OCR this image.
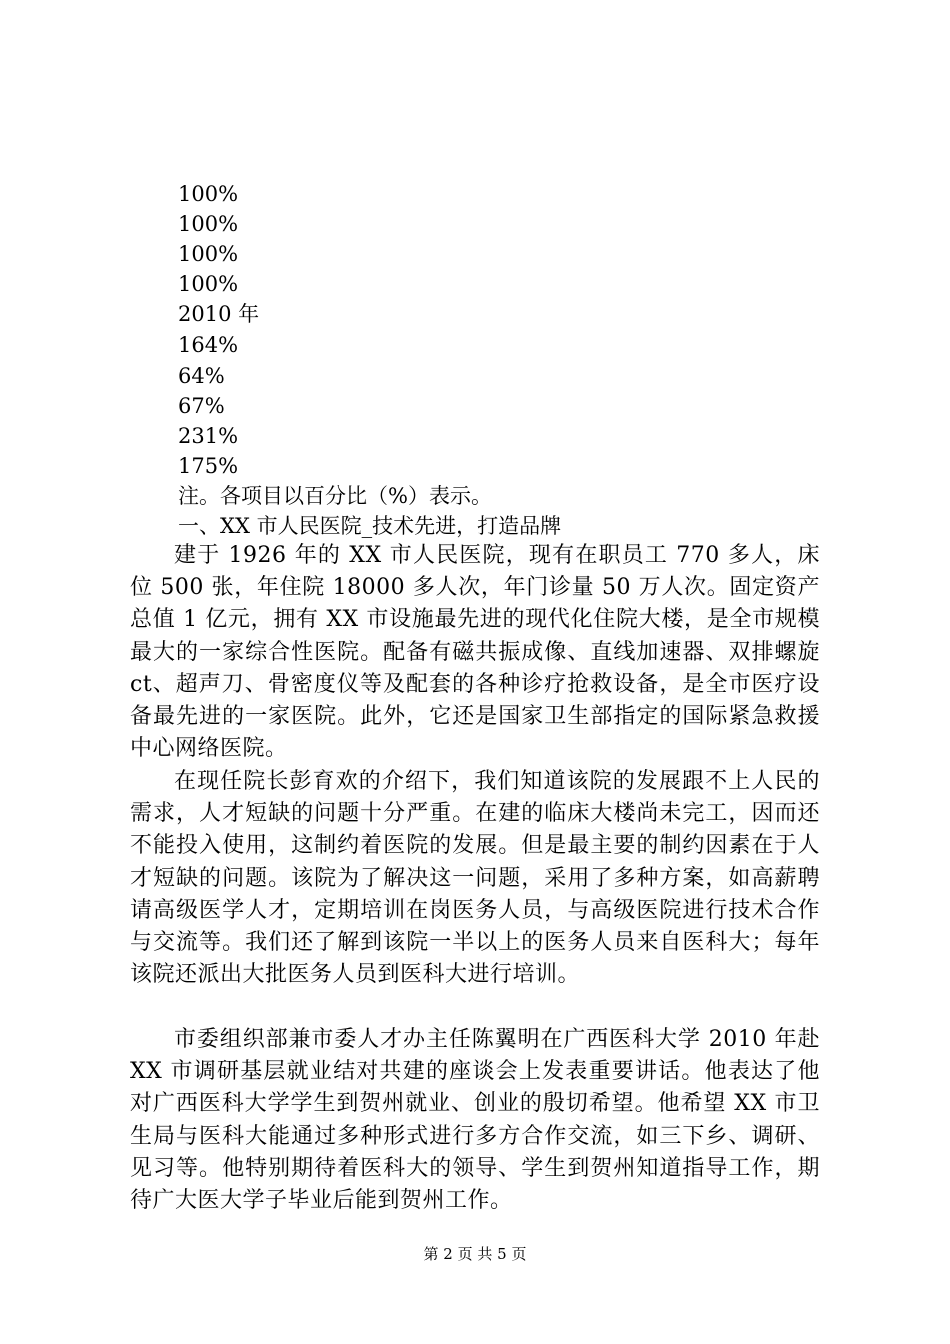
100%

100%

100%

100%

2010 年

164%

64%

67%

231%

175%

注。各项目以百分比（%）表示。

一、XX 市人民医院_技术先进，打造品牌

建于 1926 年的 XX 市人民医院，现有在职员工 770 多人，床位 500 张，年住院 18000 多人次，年门诊量 50 万人次。固定资产总值 1 亿元，拥有 XX 市设施最先进的现代化住院大楼，是全市规模最大的一家综合性医院。配备有磁共振成像、直线加速器、双排螺旋 ct、超声刀、骨密度仪等及配套的各种诊疗抢救设备，是全市医疗设备最先进的一家医院。此外，它还是国家卫生部指定的国际紧急救援中心网络医院。

在现任院长彭育欢的介绍下，我们知道该院的发展跟不上人民的需求，人才短缺的问题十分严重。在建的临床大楼尚未完工，因而还不能投入使用，这制约着医院的发展。但是最主要的制约因素在于人才短缺的问题。该院为了解决这一问题，采用了多种方案，如高薪聘请高级医学人才，定期培训在岗医务人员，与高级医院进行技术合作与交流等。我们还了解到该院一半以上的医务人员来自医科大；每年该院还派出大批医务人员到医科大进行培训。

市委组织部兼市委人才办主任陈翼明在广西医科大学 2010 年赴 XX 市调研基层就业结对共建的座谈会上发表重要讲话。他表达了他对广西医科大学学生到贺州就业、创业的殷切希望。他希望 XX 市卫生局与医科大能通过多种形式进行多方合作交流，如三下乡、调研、见习等。他特别期待着医科大的领导、学生到贺州知道指导工作，期待广大医大学子毕业后能到贺州工作。

第 2 页 共 5 页
